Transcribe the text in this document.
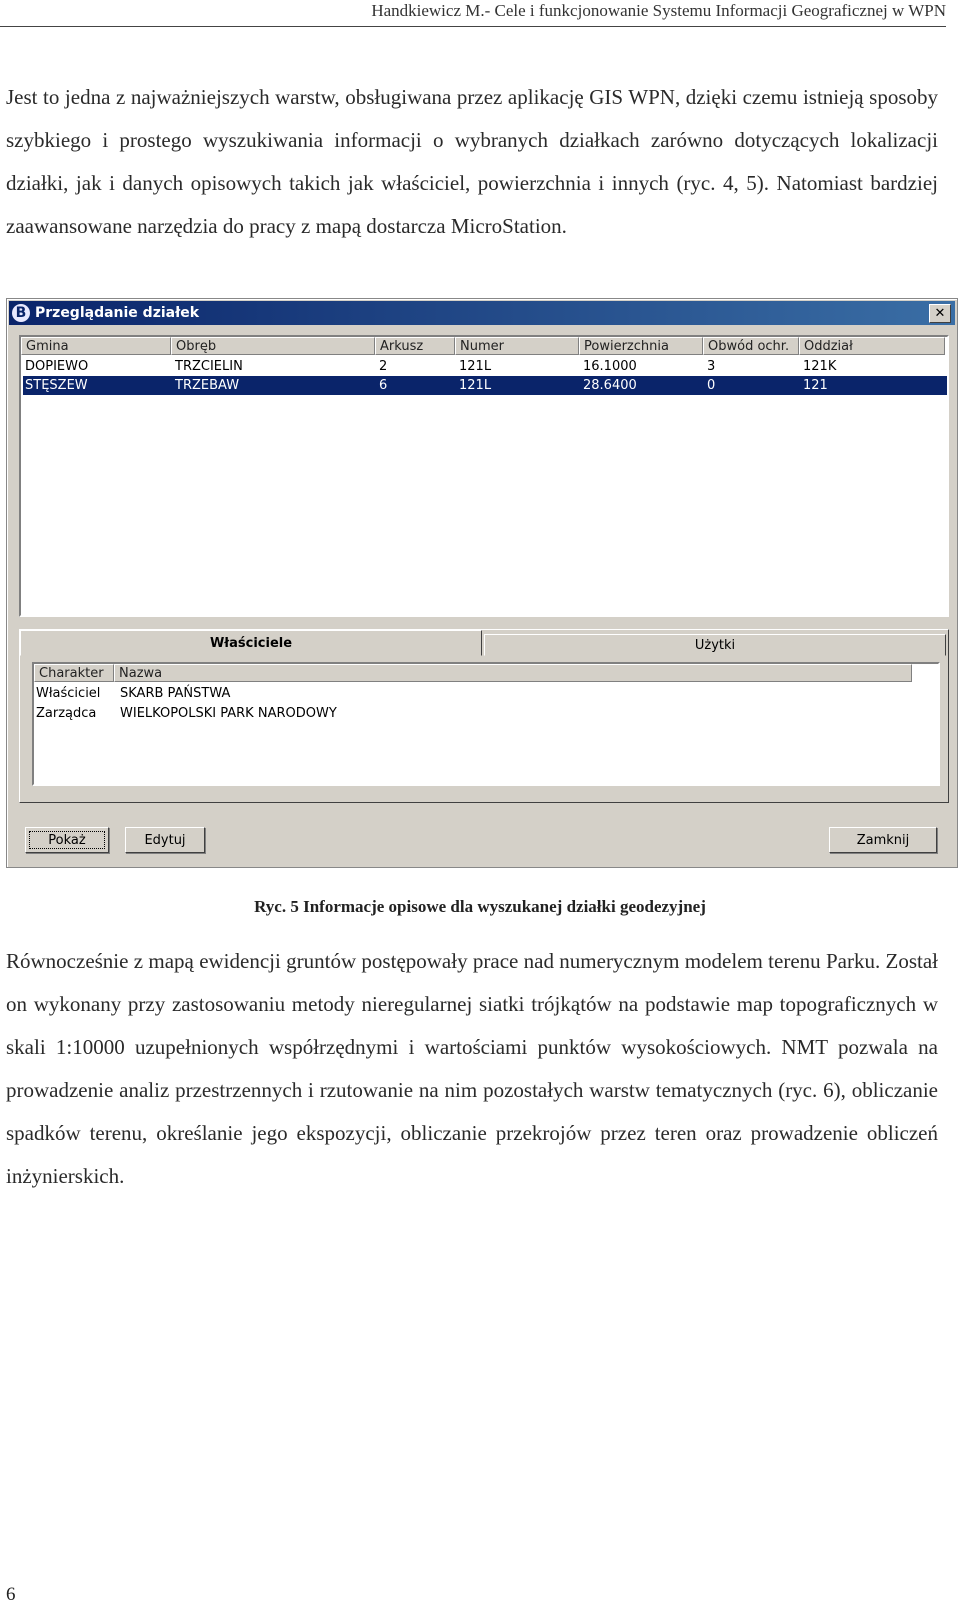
Handkiewicz M.- Cele i funkcjonowanie Systemu Informacji Geograficznej w WPN
Jest to jedna z najważniejszych warstw, obsługiwana przez aplikację GIS WPN, dzięki czemu istnieją sposoby szybkiego i prostego wyszukiwania informacji o wybranych działkach zarówno dotyczących lokalizacji działki, jak i danych opisowych takich jak właściciel, powierzchnia i innych (ryc. 4, 5). Natomiast bardziej zaawansowane narzędzia do pracy z mapą dostarcza MicroStation.
B Przeglądanie działek	✕
Gmina	Obręb	Arkusz	Numer	Powierzchnia	Obwód ochr.	Oddział
DOPIEWO	TRZCIELIN	2	121L	16.1000	3	121K
STĘSZEW	TRZEBAW	6	121L	28.6400	0	121
Właściciele	Użytki
Charakter	Nazwa
Właściciel SKARB PAŃSTWA
Zarządca WIELKOPOLSKI PARK NARODOWY
Pokaż	Edytuj	Zamknij
Ryc. 5 Informacje opisowe dla wyszukanej działki geodezyjnej
Równocześnie z mapą ewidencji gruntów postępowały prace nad numerycznym modelem terenu Parku. Został on wykonany przy zastosowaniu metody nieregularnej siatki trójkątów na podstawie map topograficznych w skali 1:10000 uzupełnionych współrzędnymi i wartościami punktów wysokościowych. NMT pozwala na prowadzenie analiz przestrzennych i rzutowanie na nim pozostałych warstw tematycznych (ryc. 6), obliczanie spadków terenu, określanie jego ekspozycji, obliczanie przekrojów przez teren oraz prowadzenie obliczeń inżynierskich.
6
